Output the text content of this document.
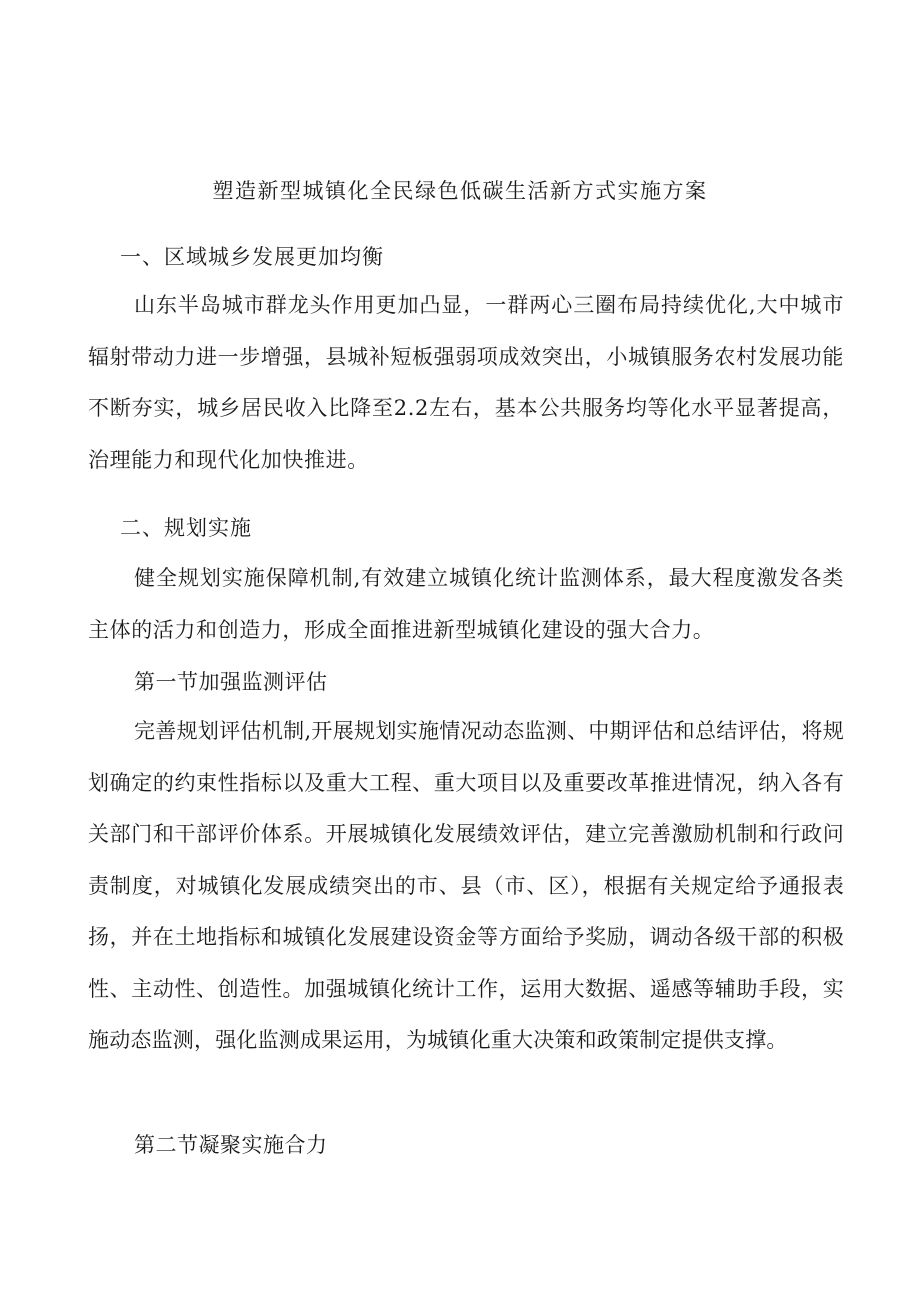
塑造新型城镇化全民绿色低碳生活新方式实施方案
一、区域城乡发展更加均衡
山东半岛城市群龙头作用更加凸显，一群两心三圈布局持续优化,大中城市辐射带动力进一步增强，县城补短板强弱项成效突出，小城镇服务农村发展功能不断夯实，城乡居民收入比降至2.2左右，基本公共服务均等化水平显著提高，治理能力和现代化加快推进。
二、规划实施
健全规划实施保障机制,有效建立城镇化统计监测体系，最大程度激发各类主体的活力和创造力，形成全面推进新型城镇化建设的强大合力。
第一节加强监测评估
完善规划评估机制,开展规划实施情况动态监测、中期评估和总结评估，将规划确定的约束性指标以及重大工程、重大项目以及重要改革推进情况，纳入各有关部门和干部评价体系。开展城镇化发展绩效评估，建立完善激励机制和行政问责制度，对城镇化发展成绩突出的市、县（市、区），根据有关规定给予通报表扬，并在土地指标和城镇化发展建设资金等方面给予奖励，调动各级干部的积极性、主动性、创造性。加强城镇化统计工作，运用大数据、遥感等辅助手段，实施动态监测，强化监测成果运用，为城镇化重大决策和政策制定提供支撑。
第二节凝聚实施合力
